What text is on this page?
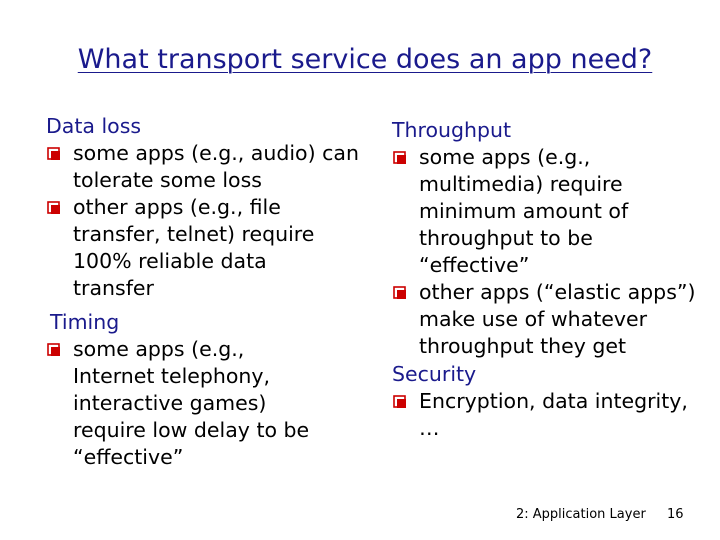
What transport service does an app need?
Data loss
some apps (e.g., audio) can
tolerate some loss
other apps (e.g., file
transfer, telnet) require
100% reliable data
transfer
Timing
some apps (e.g.,
Internet telephony,
interactive games)
require low delay to be
“effective”
Throughput
some apps (e.g.,
multimedia) require
minimum amount of
throughput to be
“effective”
other apps (“elastic apps”)
make use of whatever
throughput they get
Security
Encryption, data integrity,
…
2: Application Layer 16
